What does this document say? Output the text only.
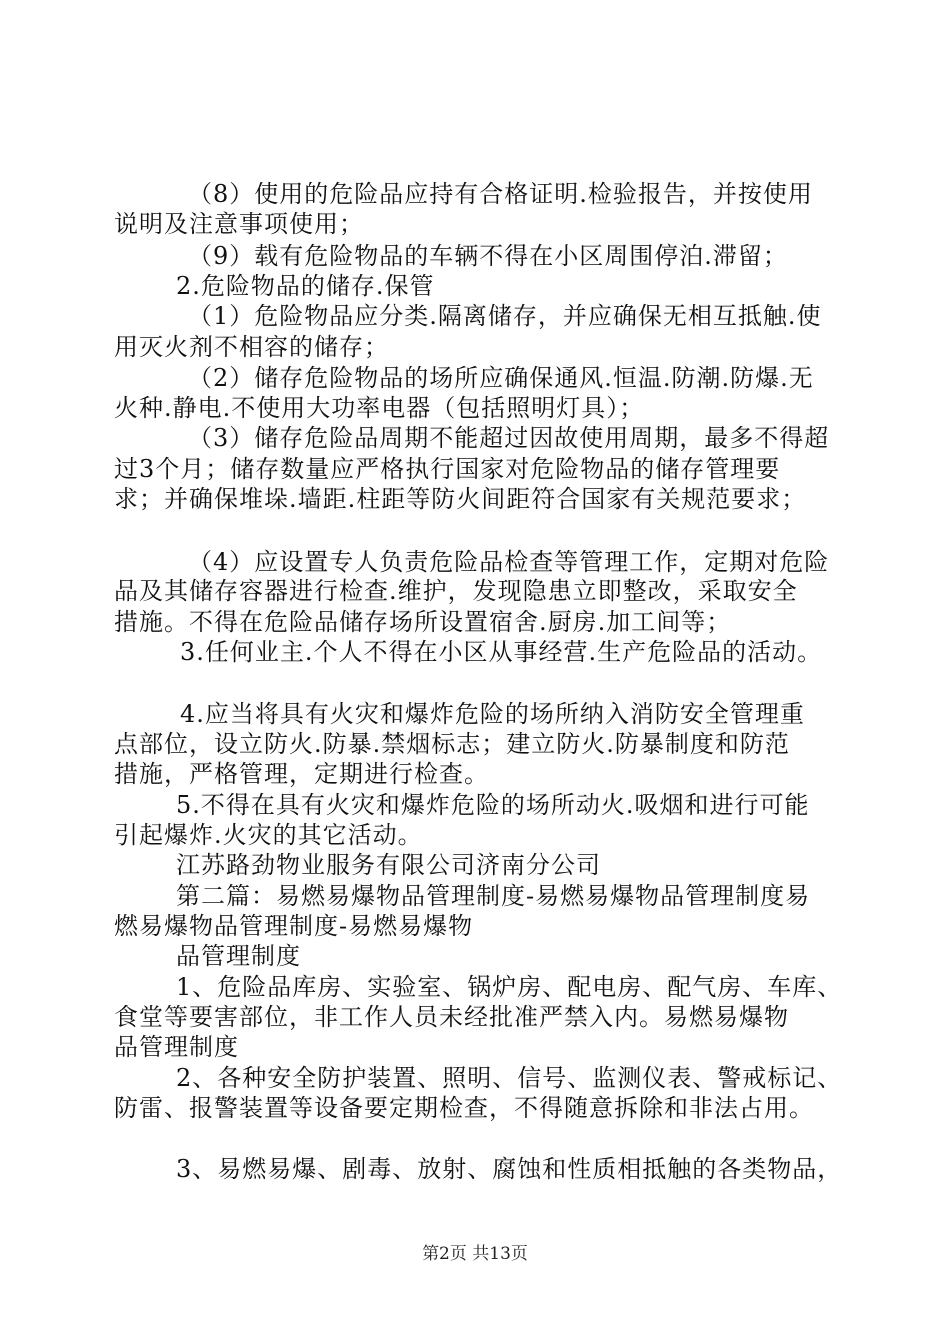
（8）使用的危险品应持有合格证明.检验报告，并按使用
说明及注意事项使用；
（9）载有危险物品的车辆不得在小区周围停泊.滞留；
2.危险物品的储存.保管
（1）危险物品应分类.隔离储存，并应确保无相互抵触.使
用灭火剂不相容的储存；
（2）储存危险物品的场所应确保通风.恒温.防潮.防爆.无
火种.静电.不使用大功率电器（包括照明灯具）；
（3）储存危险品周期不能超过因故使用周期，最多不得超
过3个月；储存数量应严格执行国家对危险物品的储存管理要
求；并确保堆垛.墙距.柱距等防火间距符合国家有关规范要求；
（4）应设置专人负责危险品检查等管理工作，定期对危险
品及其储存容器进行检查.维护，发现隐患立即整改，采取安全
措施。不得在危险品储存场所设置宿舍.厨房.加工间等；
3.任何业主.个人不得在小区从事经营.生产危险品的活动。
4.应当将具有火灾和爆炸危险的场所纳入消防安全管理重
点部位，设立防火.防暴.禁烟标志；建立防火.防暴制度和防范
措施，严格管理，定期进行检查。
5.不得在具有火灾和爆炸危险的场所动火.吸烟和进行可能
引起爆炸.火灾的其它活动。
江苏路劲物业服务有限公司济南分公司
第二篇：易燃易爆物品管理制度-易燃易爆物品管理制度易
燃易爆物品管理制度-易燃易爆物
品管理制度
1、危险品库房、实验室、锅炉房、配电房、配气房、车库、
食堂等要害部位，非工作人员未经批准严禁入内。易燃易爆物
品管理制度
2、各种安全防护装置、照明、信号、监测仪表、警戒标记、
防雷、报警装置等设备要定期检查，不得随意拆除和非法占用。
3、易燃易爆、剧毒、放射、腐蚀和性质相抵触的各类物品，
第2页 共13页
